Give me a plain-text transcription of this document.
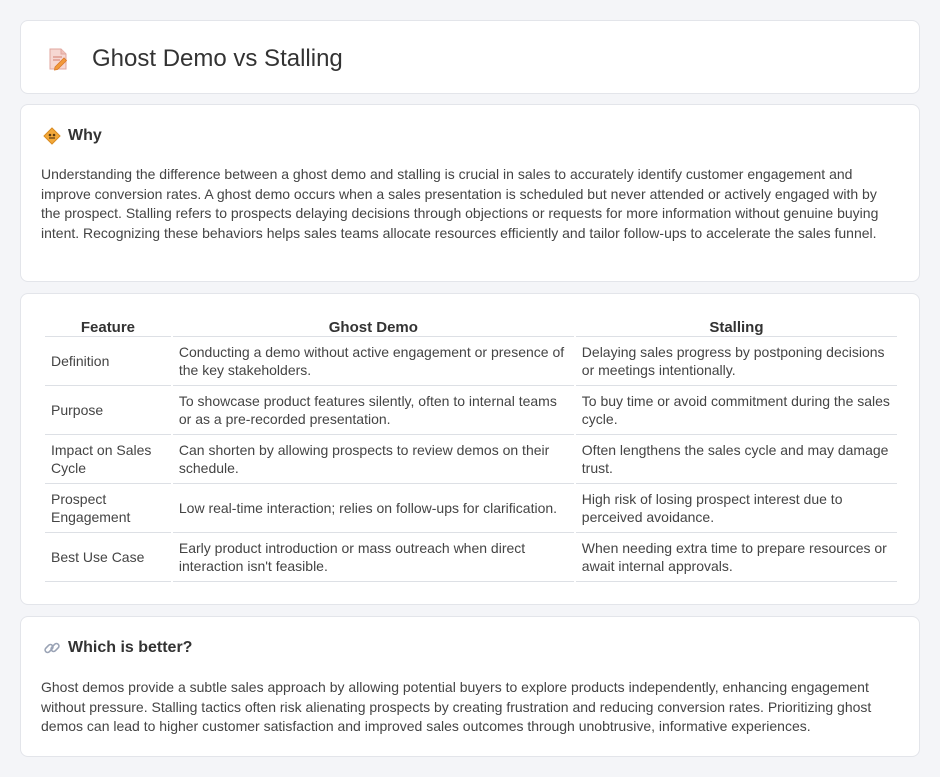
Ghost Demo vs Stalling
Why

Understanding the difference between a ghost demo and stalling is crucial in sales to accurately identify customer engagement and improve conversion rates. A ghost demo occurs when a sales presentation is scheduled but never attended or actively engaged with by the prospect. Stalling refers to prospects delaying decisions through objections or requests for more information without genuine buying intent. Recognizing these behaviors helps sales teams allocate resources efficiently and tailor follow-ups to accelerate the sales funnel.

Feature	Ghost Demo	Stalling
Definition	Conducting a demo without active engagement or presence of the key stakeholders.	Delaying sales progress by postponing decisions or meetings intentionally.
Purpose	To showcase product features silently, often to internal teams or as a pre-recorded presentation.	To buy time or avoid commitment during the sales cycle.
Impact on Sales Cycle	Can shorten by allowing prospects to review demos on their schedule.	Often lengthens the sales cycle and may damage trust.
Prospect Engagement	Low real-time interaction; relies on follow-ups for clarification.	High risk of losing prospect interest due to perceived avoidance.
Best Use Case	Early product introduction or mass outreach when direct interaction isn't feasible.	When needing extra time to prepare resources or await internal approvals.
Which is better?

Ghost demos provide a subtle sales approach by allowing potential buyers to explore products independently, enhancing engagement without pressure. Stalling tactics often risk alienating prospects by creating frustration and reducing conversion rates. Prioritizing ghost demos can lead to higher customer satisfaction and improved sales outcomes through unobtrusive, informative experiences.
